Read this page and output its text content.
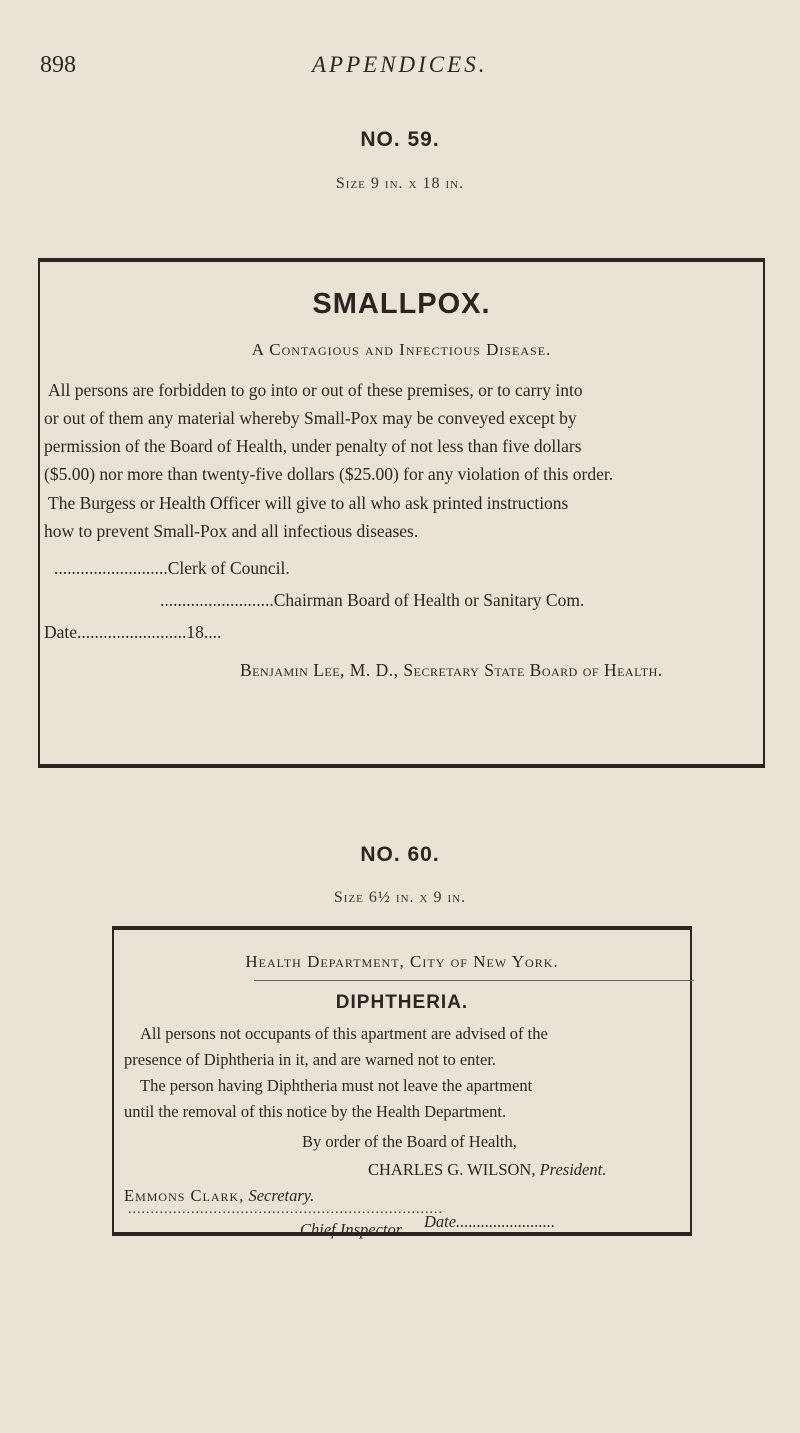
898	APPENDICES.
NO. 59.
Size 9 in. x 18 in.
SMALLPOX.
A Contagious and Infectious Disease.
All persons are forbidden to go into or out of these premises, or to carry into
or out of them any material whereby Small-Pox may be conveyed except by
permission of the Board of Health, under penalty of not less than five dollars
($5.00) nor more than twenty-five dollars ($25.00) for any violation of this order.
The Burgess or Health Officer will give to all who ask printed instructions
how to prevent Small-Pox and all infectious diseases.
..........................Clerk of Council.
..........................Chairman Board of Health or Sanitary Com.
Date.........................18....
Benjamin Lee, M. D., Secretary State Board of Health.
NO. 60.
Size 6½ in. x 9 in.
Health Department, City of New York.
DIPHTHERIA.
All persons not occupants of this apartment are advised of the
presence of Diphtheria in it, and are warned not to enter.
The person having Diphtheria must not leave the apartment
until the removal of this notice by the Health Department.
By order of the Board of Health,
CHARLES G. WILSON, President.
Emmons Clark, Secretary.
Date........................
......................................................................
Chief Inspector.
